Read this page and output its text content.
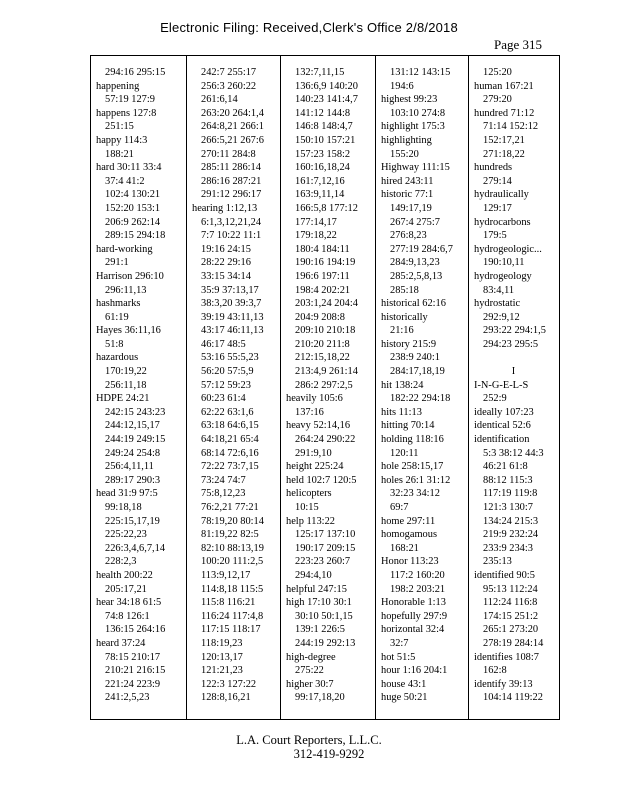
Electronic Filing: Received,Clerk's Office 2/8/2018
Page 315
294:16 295:15
happening
57:19 127:9
happens 127:8
251:15
happy 114:3
188:21
hard 30:11 33:4
37:4 41:2
102:4 130:21
152:20 153:1
206:9 262:14
289:15 294:18
hard-working
291:1
Harrison 296:10
296:11,13
hashmarks
61:19
Hayes 36:11,16
51:8
hazardous
170:19,22
256:11,18
HDPE 24:21
242:15 243:23
244:12,15,17
244:19 249:15
249:24 254:8
256:4,11,11
289:17 290:3
head 31:9 97:5
99:18,18
225:15,17,19
225:22,23
226:3,4,6,7,14
228:2,3
health 200:22
205:17,21
hear 34:18 61:5
74:8 126:1
136:15 264:16
heard 37:24
78:15 210:17
210:21 216:15
221:24 223:9
241:2,5,23
242:7 255:17
256:3 260:22
261:6,14
263:20 264:1,4
264:8,21 266:1
266:5,21 267:6
270:11 284:8
285:11 286:14
286:16 287:21
291:12 296:17
hearing 1:12,13
6:1,3,12,21,24
7:7 10:22 11:1
19:16 24:15
28:22 29:16
33:15 34:14
35:9 37:13,17
38:3,20 39:3,7
39:19 43:11,13
43:17 46:11,13
46:17 48:5
53:16 55:5,23
56:20 57:5,9
57:12 59:23
60:23 61:4
62:22 63:1,6
63:18 64:6,15
64:18,21 65:4
68:14 72:6,16
72:22 73:7,15
73:24 74:7
75:8,12,23
76:2,21 77:21
78:19,20 80:14
81:19,22 82:5
82:10 88:13,19
100:20 111:2,5
113:9,12,17
114:8,18 115:5
115:8 116:21
116:24 117:4,8
117:15 118:17
118:19,23
120:13,17
121:21,23
122:3 127:22
128:8,16,21
132:7,11,15
136:6,9 140:20
140:23 141:4,7
141:12 144:8
146:8 148:4,7
150:10 157:21
157:23 158:2
160:16,18,24
161:7,12,16
163:9,11,14
166:5,8 177:12
177:14,17
179:18,22
180:4 184:11
190:16 194:19
196:6 197:11
198:4 202:21
203:1,24 204:4
204:9 208:8
209:10 210:18
210:20 211:8
212:15,18,22
213:4,9 261:14
286:2 297:2,5
heavily 105:6
137:16
heavy 52:14,16
264:24 290:22
291:9,10
height 225:24
held 102:7 120:5
helicopters
10:15
help 113:22
125:17 137:10
190:17 209:15
223:23 260:7
294:4,10
helpful 247:15
high 17:10 30:1
30:10 50:1,15
139:1 226:5
244:19 292:13
high-degree
275:22
higher 30:7
99:17,18,20
131:12 143:15
194:6
highest 99:23
103:10 274:8
highlight 175:3
highlighting
155:20
Highway 111:15
hired 243:11
historic 77:1
149:17,19
267:4 275:7
276:8,23
277:19 284:6,7
284:9,13,23
285:2,5,8,13
285:18
historical 62:16
historically
21:16
history 215:9
238:9 240:1
284:17,18,19
hit 138:24
182:22 294:18
hits 11:13
hitting 70:14
holding 118:16
120:11
hole 258:15,17
holes 26:1 31:12
32:23 34:12
69:7
home 297:11
homogamous
168:21
Honor 113:23
117:2 160:20
198:2 203:21
Honorable 1:13
hopefully 297:9
horizontal 32:4
32:7
hot 51:5
hour 1:16 204:1
house 43:1
huge 50:21
125:20
human 167:21
279:20
hundred 71:12
71:14 152:12
152:17,21
271:18,22
hundreds
279:14
hydraulically
129:17
hydrocarbons
179:5
hydrogeologic...
190:10,11
hydrogeology
83:4,11
hydrostatic
292:9,12
293:22 294:1,5
294:23 295:5

I
I-N-G-E-L-S
252:9
ideally 107:23
identical 52:6
identification
5:3 38:12 44:3
46:21 61:8
88:12 115:3
117:19 119:8
121:3 130:7
134:24 215:3
219:9 232:24
233:9 234:3
235:13
identified 90:5
95:13 112:24
112:24 116:8
174:15 251:2
265:1 273:20
278:19 284:14
identifies 108:7
162:8
identify 39:13
104:14 119:22
L.A. Court Reporters, L.L.C.
312-419-9292
